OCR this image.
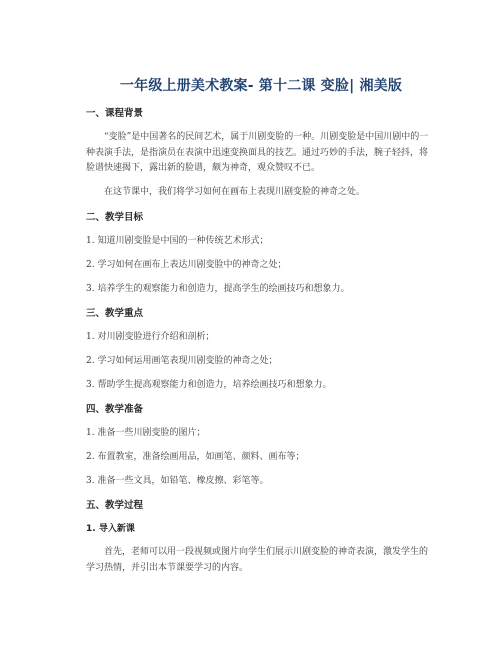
一年级上册美术教案- 第十二课 变脸| 湘美版
一、课程背景

“变脸”是中国著名的民间艺术，属于川剧变脸的一种。川剧变脸是中国川剧中的一种表演手法，是指演员在表演中迅速变换面具的技艺。通过巧妙的手法，腕子轻抖，将脸谱快速揭下，露出新的脸谱，颇为神奇，观众赞叹不已。

在这节课中，我们将学习如何在画布上表现川剧变脸的神奇之处。

二、教学目标

1. 知道川剧变脸是中国的一种传统艺术形式；

2. 学习如何在画布上表达川剧变脸中的神奇之处；

3. 培养学生的观察能力和创造力，提高学生的绘画技巧和想象力。

三、教学重点

1. 对川剧变脸进行介绍和剖析；

2. 学习如何运用画笔表现川剧变脸的神奇之处；

3. 帮助学生提高观察能力和创造力，培养绘画技巧和想象力。

四、教学准备

1. 准备一些川剧变脸的图片；

2. 布置教室，准备绘画用品，如画笔、颜料、画布等；

3. 准备一些文具，如铅笔、橡皮擦、彩笔等。

五、教学过程
1. 导入新课

首先，老师可以用一段视频或图片向学生们展示川剧变脸的神奇表演，激发学生的学习热情，并引出本节课要学习的内容。
